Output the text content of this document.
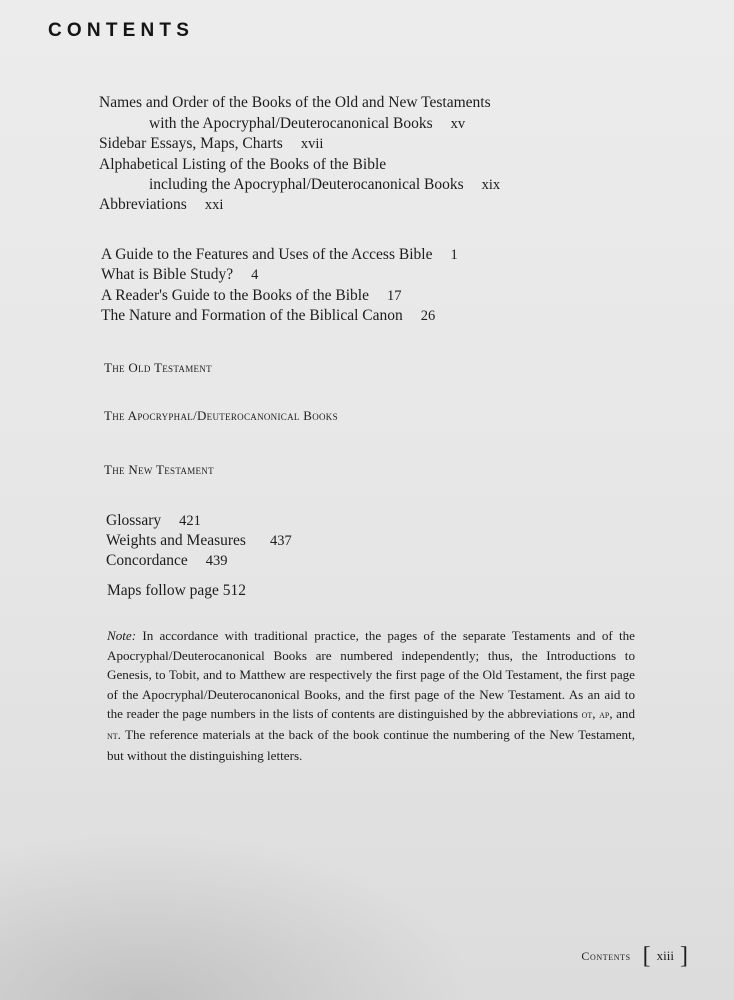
CONTENTS
Names and Order of the Books of the Old and New Testaments
with the Apocryphal/Deuterocanonical Books xv
Sidebar Essays, Maps, Charts xvii
Alphabetical Listing of the Books of the Bible
including the Apocryphal/Deuterocanonical Books xix
Abbreviations xxi
A Guide to the Features and Uses of the Access Bible 1
What is Bible Study? 4
A Reader's Guide to the Books of the Bible 17
The Nature and Formation of the Biblical Canon 26
The Old Testament
The Apocryphal/Deuterocanonical Books
The New Testament
Glossary 421
Weights and Measures 437
Concordance 439
Maps follow page 512
Note: In accordance with traditional practice, the pages of the separate Testaments and of the Apocryphal/Deuterocanonical Books are numbered independently; thus, the Introductions to Genesis, to Tobit, and to Matthew are respectively the first page of the Old Testament, the first page of the Apocryphal/Deuterocanonical Books, and the first page of the New Testament. As an aid to the reader the page numbers in the lists of contents are distinguished by the abbreviations ot, ap, and nt. The reference materials at the back of the book continue the numbering of the New Testament, but without the distinguishing letters.
Contents [ xiii ]
